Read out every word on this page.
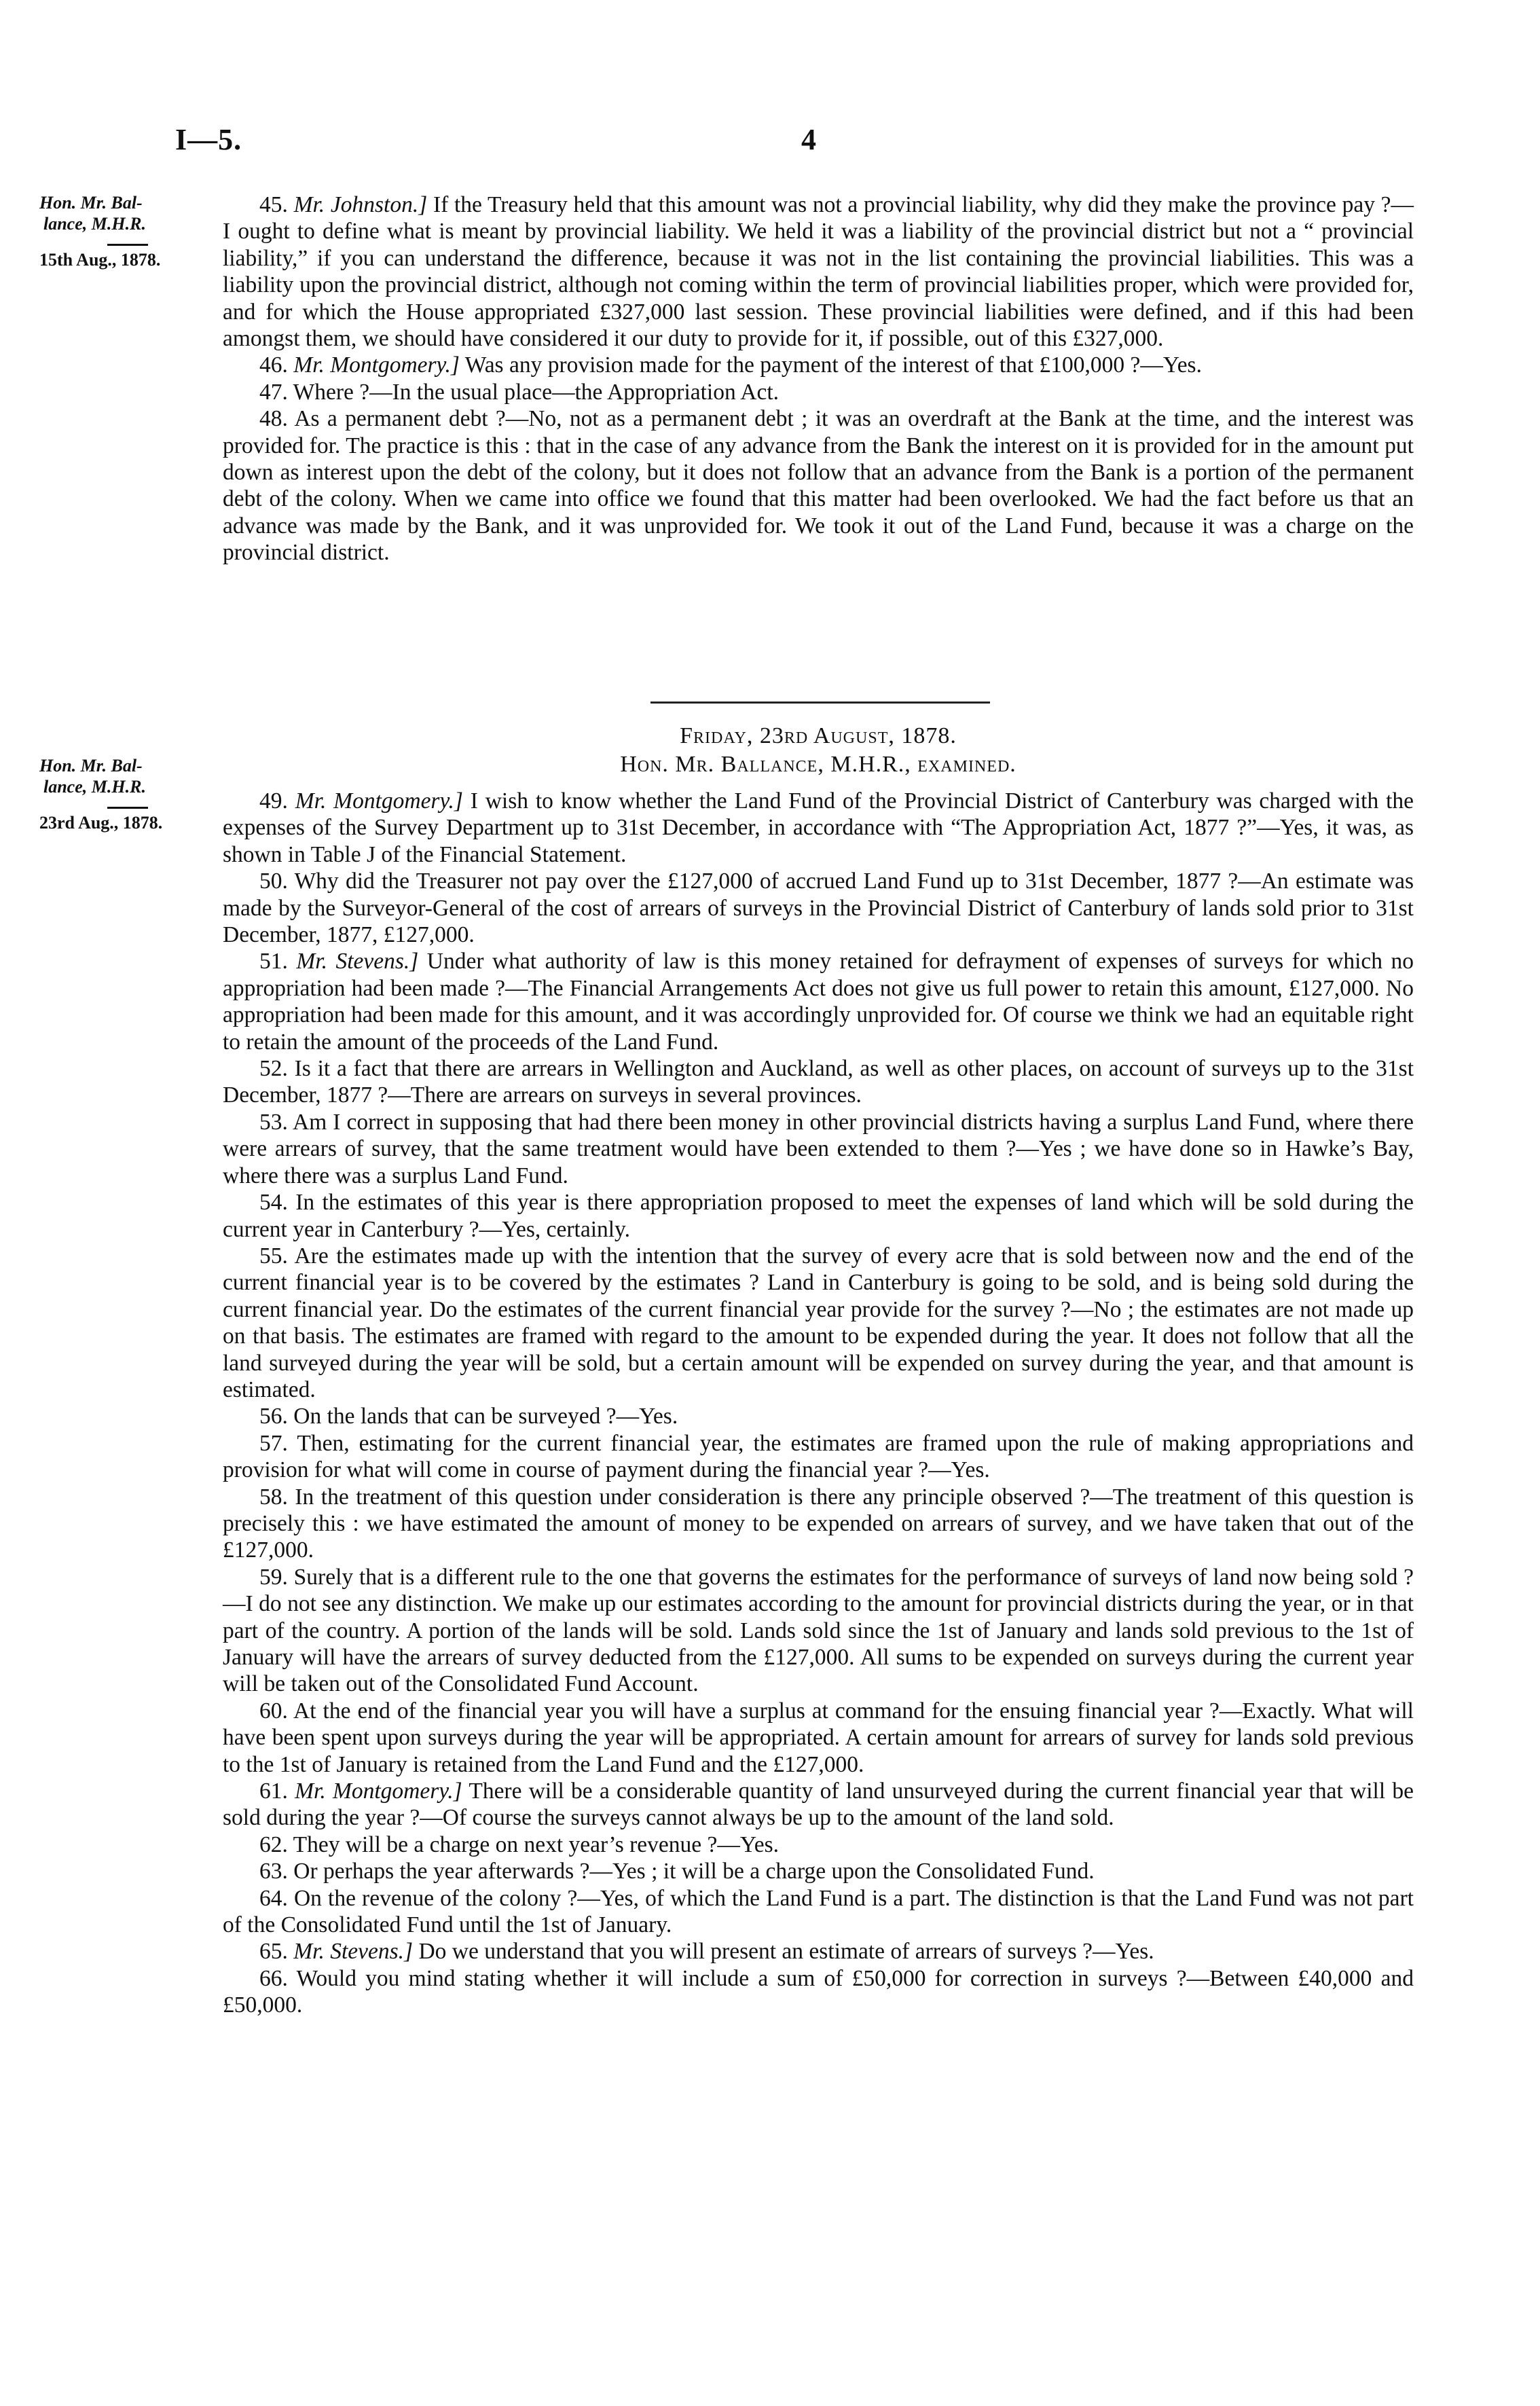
I—5.	4
Hon. Mr. Bal-
lance, M.H.R.
15th Aug., 1878.

45. Mr. Johnston.] If the Treasury held that this amount was not a provincial liability, why did they make the province pay ?—I ought to define what is meant by provincial liability. We held it was a liability of the provincial district but not a “ provincial liability,” if you can understand the difference, because it was not in the list containing the provincial liabilities. This was a liability upon the provincial district, although not coming within the term of provincial liabilities proper, which were provided for, and for which the House appropriated £327,000 last session. These provincial liabilities were defined, and if this had been amongst them, we should have considered it our duty to provide for it, if possible, out of this £327,000.

46. Mr. Montgomery.] Was any provision made for the payment of the interest of that £100,000 ?—Yes.

47. Where ?—In the usual place—the Appropriation Act.

48. As a permanent debt ?—No, not as a permanent debt ; it was an overdraft at the Bank at the time, and the interest was provided for. The practice is this : that in the case of any advance from the Bank the interest on it is provided for in the amount put down as interest upon the debt of the colony, but it does not follow that an advance from the Bank is a portion of the permanent debt of the colony. When we came into office we found that this matter had been overlooked. We had the fact before us that an advance was made by the Bank, and it was unprovided for. We took it out of the Land Fund, because it was a charge on the provincial district.

Friday, 23rd August, 1878.
Hon. Mr. Ballance, M.H.R., examined.
Hon. Mr. Bal-
lance, M.H.R.
23rd Aug., 1878.

49. Mr. Montgomery.] I wish to know whether the Land Fund of the Provincial District of Canterbury was charged with the expenses of the Survey Department up to 31st December, in accordance with “The Appropriation Act, 1877 ?”—Yes, it was, as shown in Table J of the Financial Statement.

50. Why did the Treasurer not pay over the £127,000 of accrued Land Fund up to 31st December, 1877 ?—An estimate was made by the Surveyor-General of the cost of arrears of surveys in the Provincial District of Canterbury of lands sold prior to 31st December, 1877, £127,000.

51. Mr. Stevens.] Under what authority of law is this money retained for defrayment of expenses of surveys for which no appropriation had been made ?—The Financial Arrangements Act does not give us full power to retain this amount, £127,000. No appropriation had been made for this amount, and it was accordingly unprovided for. Of course we think we had an equitable right to retain the amount of the proceeds of the Land Fund.

52. Is it a fact that there are arrears in Wellington and Auckland, as well as other places, on account of surveys up to the 31st December, 1877 ?—There are arrears on surveys in several provinces.

53. Am I correct in supposing that had there been money in other provincial districts having a surplus Land Fund, where there were arrears of survey, that the same treatment would have been extended to them ?—Yes ; we have done so in Hawke’s Bay, where there was a surplus Land Fund.

54. In the estimates of this year is there appropriation proposed to meet the expenses of land which will be sold during the current year in Canterbury ?—Yes, certainly.

55. Are the estimates made up with the intention that the survey of every acre that is sold between now and the end of the current financial year is to be covered by the estimates ? Land in Canterbury is going to be sold, and is being sold during the current financial year. Do the estimates of the current financial year provide for the survey ?—No ; the estimates are not made up on that basis. The estimates are framed with regard to the amount to be expended during the year. It does not follow that all the land surveyed during the year will be sold, but a certain amount will be expended on survey during the year, and that amount is estimated.

56. On the lands that can be surveyed ?—Yes.

57. Then, estimating for the current financial year, the estimates are framed upon the rule of making appropriations and provision for what will come in course of payment during the financial year ?—Yes.

58. In the treatment of this question under consideration is there any principle observed ?—The treatment of this question is precisely this : we have estimated the amount of money to be expended on arrears of survey, and we have taken that out of the £127,000.

59. Surely that is a different rule to the one that governs the estimates for the performance of surveys of land now being sold ?—I do not see any distinction. We make up our estimates according to the amount for provincial districts during the year, or in that part of the country. A portion of the lands will be sold. Lands sold since the 1st of January and lands sold previous to the 1st of January will have the arrears of survey deducted from the £127,000. All sums to be expended on surveys during the current year will be taken out of the Consolidated Fund Account.

60. At the end of the financial year you will have a surplus at command for the ensuing financial year ?—Exactly. What will have been spent upon surveys during the year will be appropriated. A certain amount for arrears of survey for lands sold previous to the 1st of January is retained from the Land Fund and the £127,000.

61. Mr. Montgomery.] There will be a considerable quantity of land unsurveyed during the current financial year that will be sold during the year ?—Of course the surveys cannot always be up to the amount of the land sold.

62. They will be a charge on next year’s revenue ?—Yes.

63. Or perhaps the year afterwards ?—Yes ; it will be a charge upon the Consolidated Fund.

64. On the revenue of the colony ?—Yes, of which the Land Fund is a part. The distinction is that the Land Fund was not part of the Consolidated Fund until the 1st of January.

65. Mr. Stevens.] Do we understand that you will present an estimate of arrears of surveys ?—Yes.

66. Would you mind stating whether it will include a sum of £50,000 for correction in surveys ?—Between £40,000 and £50,000.
